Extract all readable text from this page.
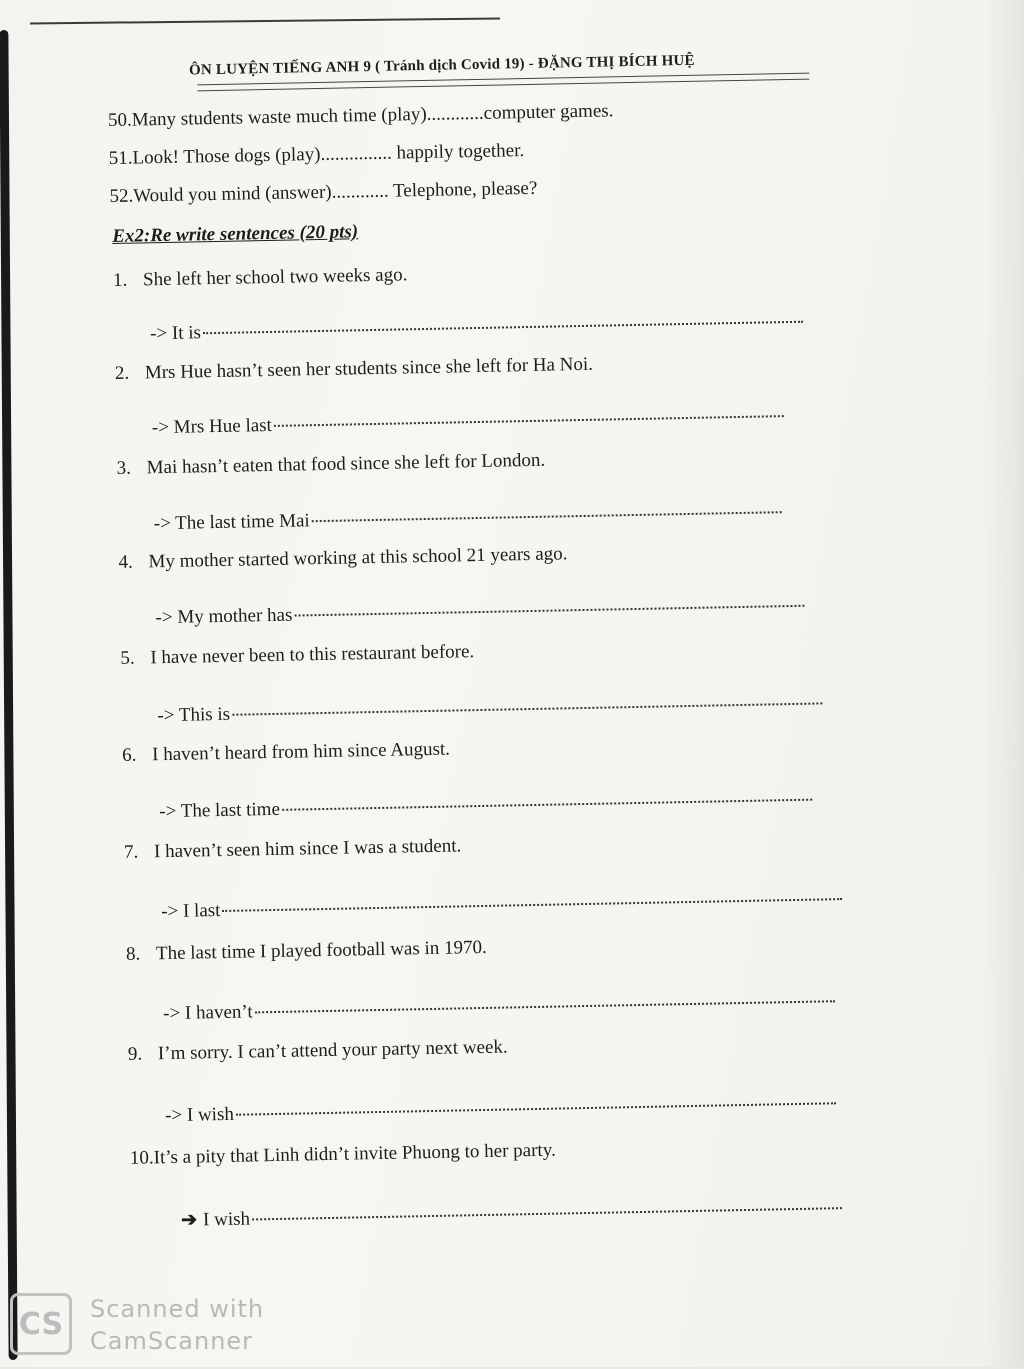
ÔN LUYỆN TIẾNG ANH 9 ( Tránh dịch Covid 19) - ĐẶNG THỊ BÍCH HUỆ
50.Many students waste much time (play)............computer games.
51.Look! Those dogs (play)............... happily together.
52.Would you mind (answer)............ Telephone, please?
Ex2:Re write sentences (20 pts)
1. She left her school two weeks ago.
-> It is
2. Mrs Hue hasn’t seen her students since she left for Ha Noi.
-> Mrs Hue last
3. Mai hasn’t eaten that food since she left for London.
-> The last time Mai
4. My mother started working at this school 21 years ago.
-> My mother has
5. I have never been to this restaurant before.
-> This is
6. I haven’t heard from him since August.
-> The last time
7. I haven’t seen him since I was a student.
-> I last
8. The last time I played football was in 1970.
-> I haven’t
9. I’m sorry. I can’t attend your party next week.
-> I wish
10.It’s a pity that Linh didn’t invite Phuong to her party.
➔ I wish
CS	Scanned with
CamScanner
